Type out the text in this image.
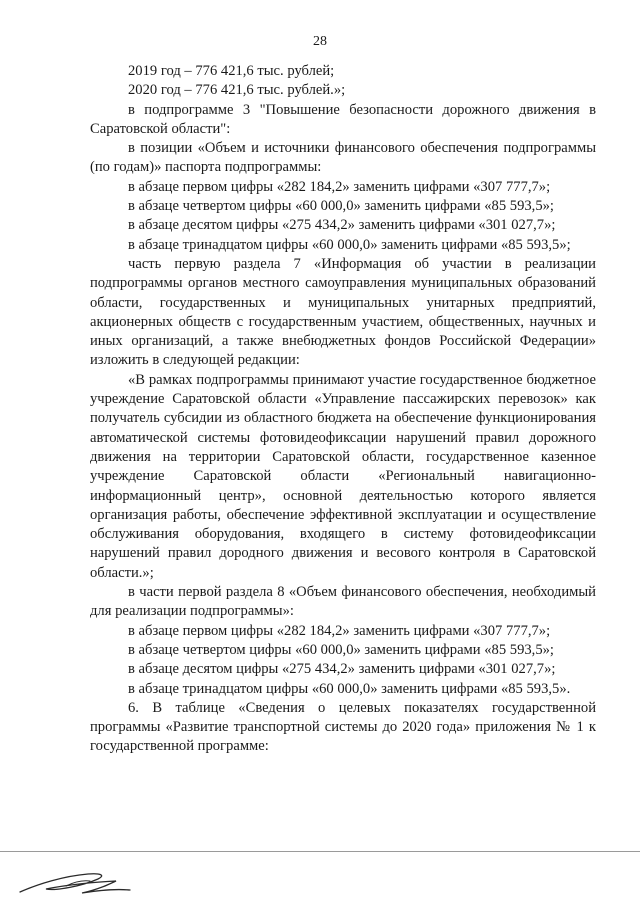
28

2019 год – 776 421,6 тыс. рублей;

2020 год – 776 421,6 тыс. рублей.»;

в подпрограмме 3 "Повышение безопасности дорожного движения в Саратовской области":

в позиции «Объем и источники финансового обеспечения подпрограммы (по годам)» паспорта подпрограммы:

в абзаце первом цифры «282 184,2» заменить цифрами «307 777,7»;

в абзаце четвертом цифры «60 000,0» заменить цифрами «85 593,5»;

в абзаце десятом цифры «275 434,2» заменить цифрами «301 027,7»;

в абзаце тринадцатом цифры «60 000,0» заменить цифрами «85 593,5»;

часть первую раздела 7 «Информация об участии в реализации подпрограммы органов местного самоуправления муниципальных образований области, государственных и муниципальных унитарных предприятий, акционерных обществ с государственным участием, общественных, научных и иных организаций, а также внебюджетных фондов Российской Федерации» изложить в следующей редакции:

«В рамках подпрограммы принимают участие государственное бюджетное учреждение Саратовской области «Управление пассажирских перевозок» как получатель субсидии из областного бюджета на обеспечение функционирования автоматической системы фотовидеофиксации нарушений правил дорожного движения на территории Саратовской области, государственное казенное учреждение Саратовской области «Региональный навигационно-информационный центр», основной деятельностью которого является организация работы, обеспечение эффективной эксплуатации и осуществление обслуживания оборудования, входящего в систему фотовидеофиксации нарушений правил дородного движения и весового контроля в Саратовской области.»;

в части первой раздела 8 «Объем финансового обеспечения, необходимый для реализации подпрограммы»:

в абзаце первом цифры «282 184,2» заменить цифрами «307 777,7»;

в абзаце четвертом цифры «60 000,0» заменить цифрами «85 593,5»;

в абзаце десятом цифры «275 434,2» заменить цифрами «301 027,7»;

в абзаце тринадцатом цифры «60 000,0» заменить цифрами «85 593,5».

6. В таблице «Сведения о целевых показателях государственной программы «Развитие транспортной системы до 2020 года» приложения № 1 к государственной программе:
